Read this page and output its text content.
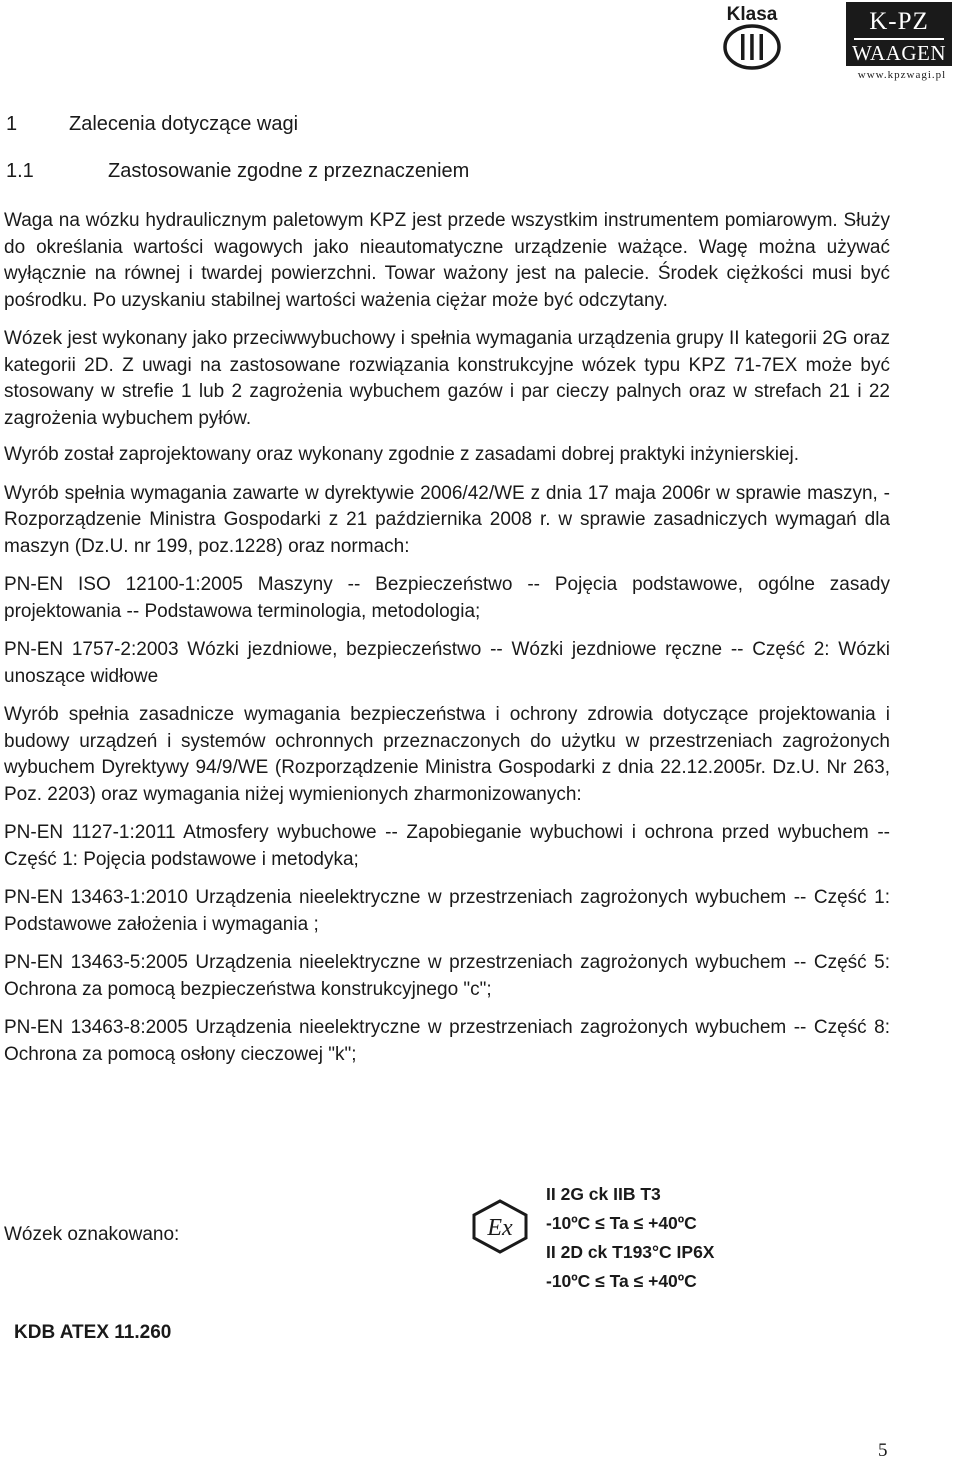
Klasa	K-PZ
WAAGEN
www.kpzwagi.pl
1	Zalecenia dotyczące wagi
1.1	Zastosowanie zgodne z przeznaczeniem

Waga na wózku hydraulicznym paletowym KPZ jest przede wszystkim instrumentem pomiarowym. Służy do określania wartości wagowych jako nieautomatyczne urządzenie ważące. Wagę można używać wyłącznie na równej i twardej powierzchni. Towar ważony jest na palecie. Środek ciężkości musi być pośrodku. Po uzyskaniu stabilnej wartości ważenia ciężar może być odczytany.

Wózek jest wykonany jako przeciwwybuchowy i spełnia wymagania urządzenia grupy II kategorii 2G oraz kategorii 2D. Z uwagi na zastosowane rozwiązania konstrukcyjne wózek typu KPZ 71-7EX może być stosowany w strefie 1 lub 2 zagrożenia wybuchem gazów i par cieczy palnych oraz w strefach 21 i 22 zagrożenia wybuchem pyłów.

Wyrób został zaprojektowany oraz wykonany zgodnie z zasadami dobrej praktyki inżynierskiej.

Wyrób spełnia wymagania zawarte w dyrektywie 2006/42/WE z dnia 17 maja 2006r w sprawie maszyn, - Rozporządzenie Ministra Gospodarki z 21 października 2008 r. w sprawie zasadniczych wymagań dla maszyn (Dz.U. nr 199, poz.1228) oraz normach:

PN-EN ISO 12100-1:2005 Maszyny -- Bezpieczeństwo -- Pojęcia podstawowe, ogólne zasady projektowania -- Podstawowa terminologia, metodologia;

PN-EN 1757-2:2003 Wózki jezdniowe, bezpieczeństwo -- Wózki jezdniowe ręczne -- Część 2: Wózki unoszące widłowe

Wyrób spełnia zasadnicze wymagania bezpieczeństwa i ochrony zdrowia dotyczące projektowania i budowy urządzeń i systemów ochronnych przeznaczonych do użytku w przestrzeniach zagrożonych wybuchem Dyrektywy 94/9/WE (Rozporządzenie Ministra Gospodarki z dnia 22.12.2005r. Dz.U. Nr 263, Poz. 2203) oraz wymagania niżej wymienionych zharmonizowanych:

PN-EN 1127-1:2011 Atmosfery wybuchowe -- Zapobieganie wybuchowi i ochrona przed wybuchem -- Część 1: Pojęcia podstawowe i metodyka;

PN-EN 13463-1:2010 Urządzenia nieelektryczne w przestrzeniach zagrożonych wybuchem -- Część 1: Podstawowe założenia i wymagania ;

PN-EN 13463-5:2005 Urządzenia nieelektryczne w przestrzeniach zagrożonych wybuchem -- Część 5: Ochrona za pomocą bezpieczeństwa konstrukcyjnego "c";

PN-EN 13463-8:2005 Urządzenia nieelektryczne w przestrzeniach zagrożonych wybuchem -- Część 8: Ochrona za pomocą osłony cieczowej "k";

Wózek oznakowano:	Ex
II 2G ck IIB T3
-10ºC ≤ Ta ≤ +40ºC
II 2D ck T193°C IP6X
-10ºC ≤ Ta ≤ +40ºC
KDB ATEX 11.260
5
